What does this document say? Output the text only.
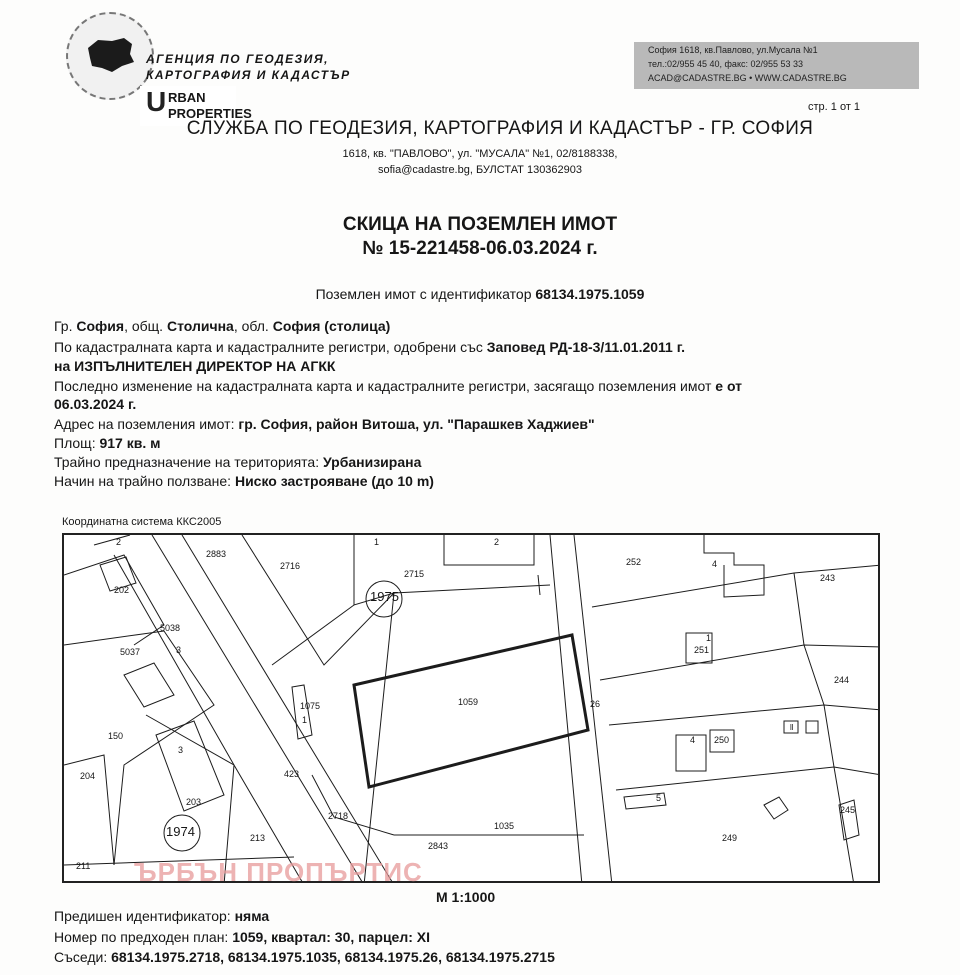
АГЕНЦИЯ ПО ГЕОДЕЗИЯ,
КАРТОГРАФИЯ И КАДАСТЪР
София 1618, кв.Павлово, ул.Мусала №1
тел.:02/955 45 40, факс: 02/955 53 33
ACAD@CADASTRE.BG • WWW.CADASTRE.BG
стр. 1 от 1
U RBAN
PROPERTIES
СЛУЖБА ПО ГЕОДЕЗИЯ, КАРТОГРАФИЯ И КАДАСТЪР - ГР. СОФИЯ
1618, кв. "ПАВЛОВО", ул. "МУСАЛА" №1, 02/8188338,
sofia@cadastre.bg, БУЛСТАТ 130362903
СКИЦА НА ПОЗЕМЛЕН ИМОТ
№ 15-221458-06.03.2024 г.
Поземлен имот с идентификатор 68134.1975.1059
Гр. София, общ. Столична, обл. София (столица)
По кадастралната карта и кадастралните регистри, одобрени със Заповед РД-18-3/11.01.2011 г.
на ИЗПЪЛНИТЕЛЕН ДИРЕКТОР НА АГКК
Последно изменение на кадастралната карта и кадастралните регистри, засягащо поземления имот е от
06.03.2024 г.
Адрес на поземления имот: гр. София, район Витоша, ул. "Парашкев Хаджиев"
Площ: 917 кв. м
Трайно предназначение на територията: Урбанизирана
Начин на трайно ползване: Ниско застрояване (до 10 m)
Координатна система ККС2005
2883
2716
2715
252
243
202
5038
5037	251
244
1059	26
1075
150	4 250
204	423
203
2718
1035
249
245
213
2843
211
1	2
3
5
ll
1
3
4
1
2
1975
1974
ЪРБЪН ПРОПЪРТИС
М 1:1000
Предишен идентификатор: няма
Номер по предходен план: 1059, квартал: 30, парцел: XI
Съседи: 68134.1975.2718, 68134.1975.1035, 68134.1975.26, 68134.1975.2715
